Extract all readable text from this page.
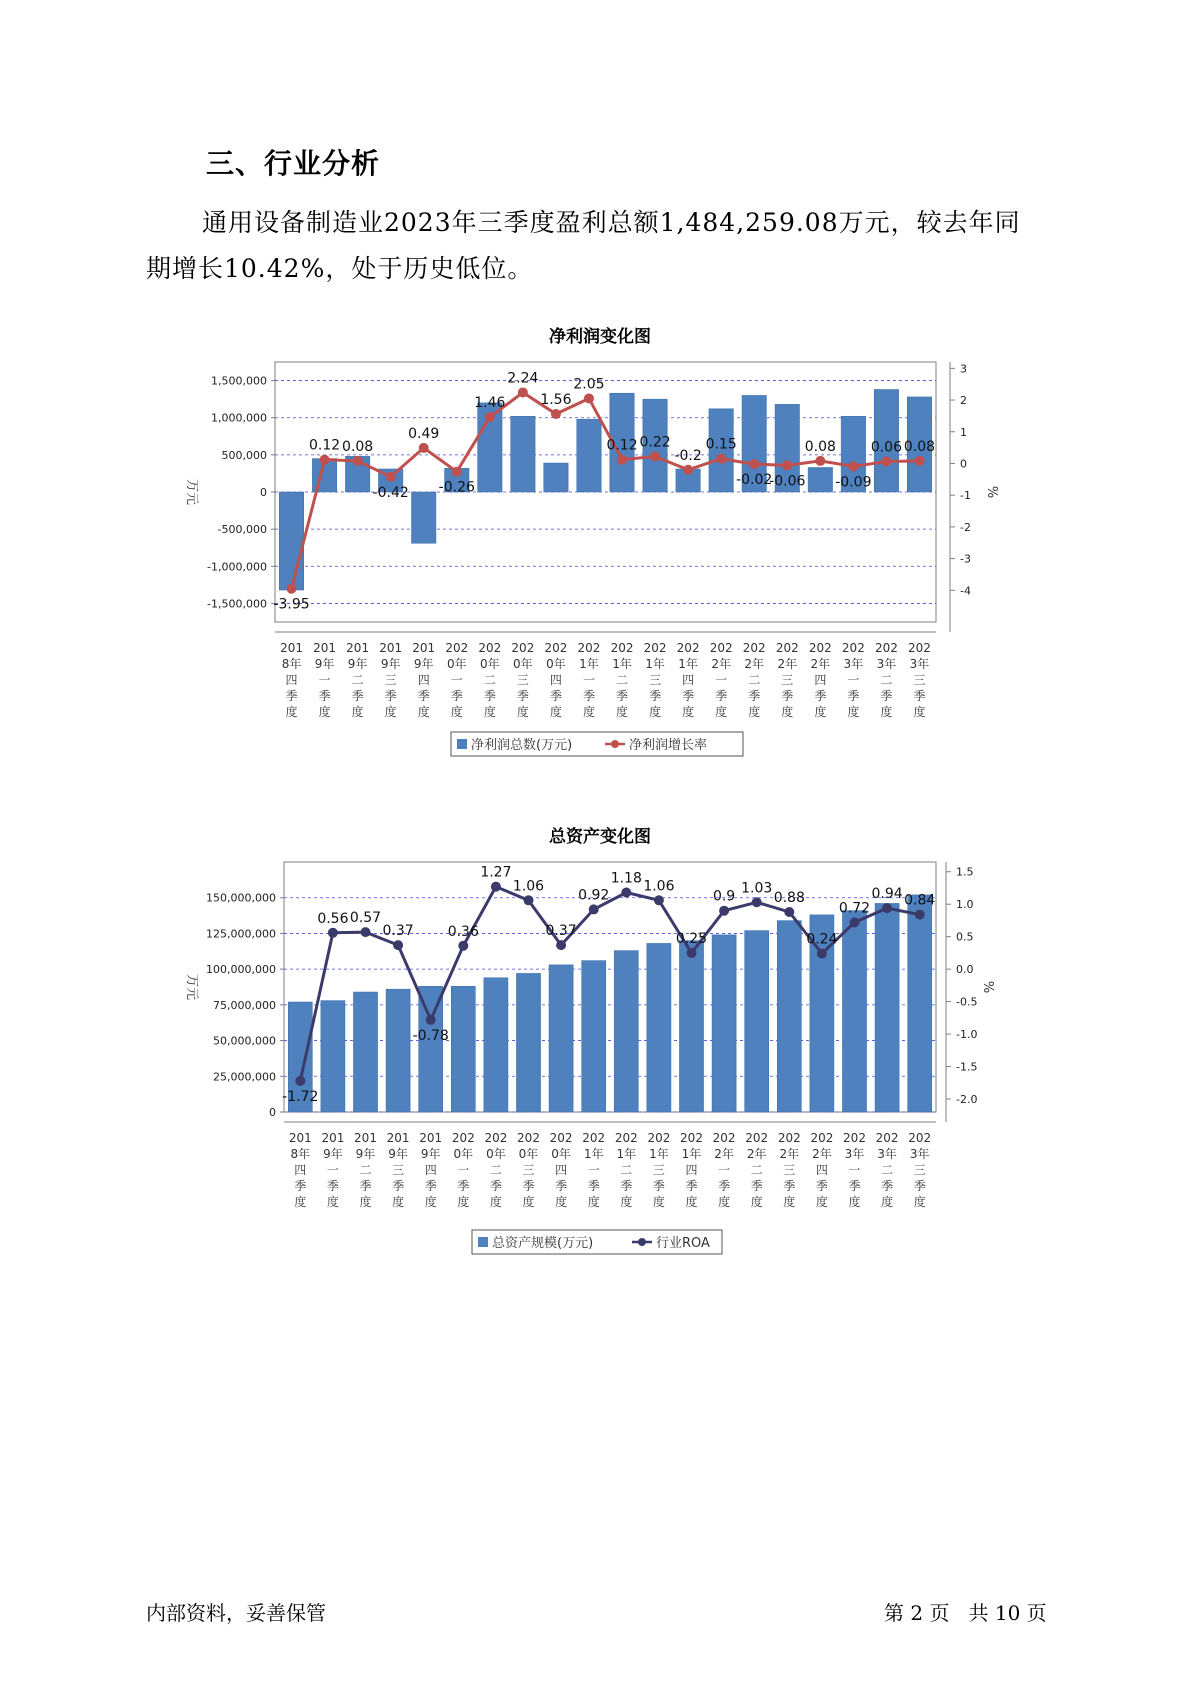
三、行业分析

通用设备制造业2023年三季度盈利总额1,484,259.08万元，较去年同期增长10.42%，处于历史低位。

净利润变化图
-1,500,000
-1,000,000
-500,000
0
500,000
1,000,000
1,500,000
-4
-3
-2
-1
0
1
2
3
万元	%
-3.95
0.12 0.08
-0.42
0.49
-0.26
1.46
2.24
1.56
2.05
0.12 0.22
-0.2
0.15
-0.02
-0.06
0.08
-0.09
0.06 0.08
201
8年
四
季
度
201
9年
一
季
度
201
9年
二
季
度
201
9年
三
季
度
201
9年
四
季
度
202
0年
一
季
度
202
0年
二
季
度
202
0年
三
季
度
202
0年
四
季
度
202
1年
一
季
度
202
1年
二
季
度
202
1年
三
季
度
202
1年
四
季
度
202
2年
一
季
度
202
2年
二
季
度
202
2年
三
季
度
202
2年
四
季
度
202
3年
一
季
度
202
3年
二
季
度
202
3年
三
季
度
净利润总数(万元)	净利润增长率
总资产变化图
0
25,000,000
50,000,000
75,000,000
100,000,000
125,000,000
150,000,000
-2.0
-1.5
-1.0
-0.5
0.0
0.5
1.0
1.5
万元	%
-1.72
0.56 0.57
0.37
-0.78
0.36
1.27
1.06
0.37
0.92
1.18 1.06
0.25
0.9
1.03
0.88
0.24
0.72
0.94 0.84
201
8年
四
季
度
201
9年
一
季
度
201
9年
二
季
度
201
9年
三
季
度
201
9年
四
季
度
202
0年
一
季
度
202
0年
二
季
度
202
0年
三
季
度
202
0年
四
季
度
202
1年
一
季
度
202
1年
二
季
度
202
1年
三
季
度
202
1年
四
季
度
202
2年
一
季
度
202
2年
二
季
度
202
2年
三
季
度
202
2年
四
季
度
202
3年
一
季
度
202
3年
二
季
度
202
3年
三
季
度
总资产规模(万元)	行业ROA
内部资料，妥善保管	第 2 页   共 10 页
